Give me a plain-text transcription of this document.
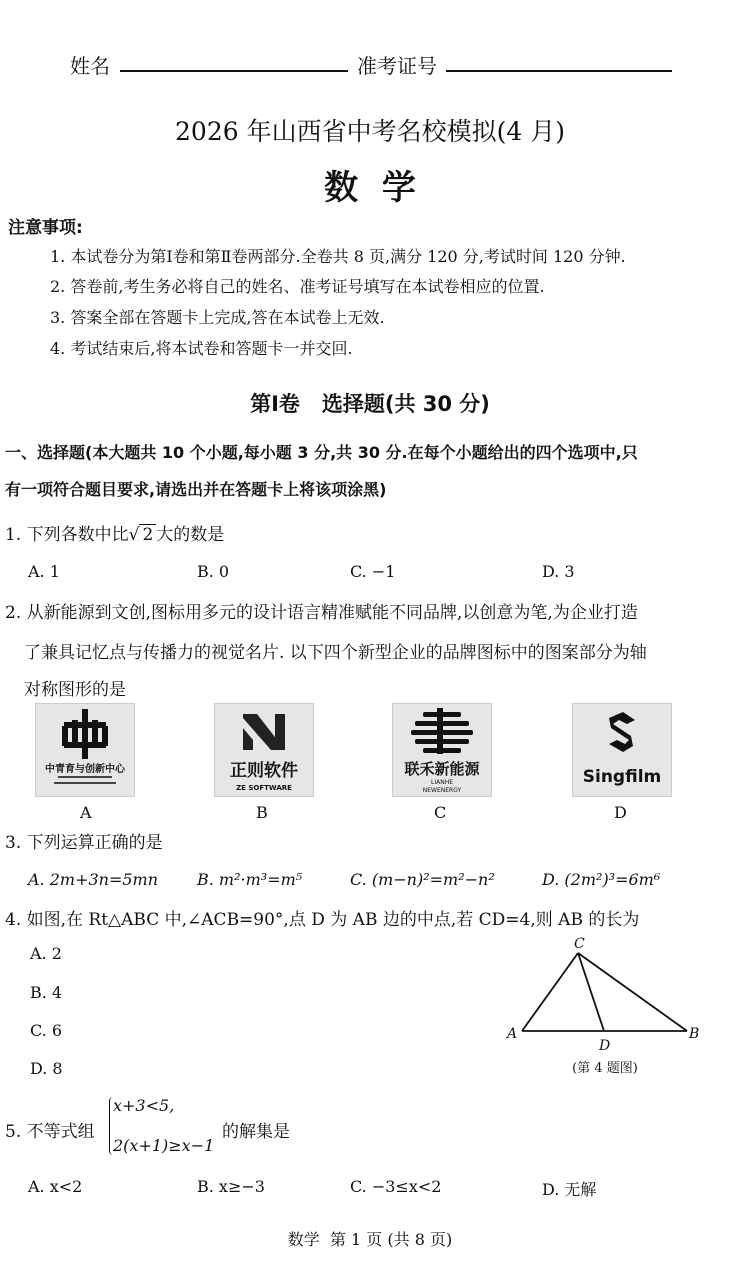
姓名	准考证号
2026 年山西省中考名校模拟(4 月)
数  学
注意事项:
1. 本试卷分为第Ⅰ卷和第Ⅱ卷两部分.全卷共 8 页,满分 120 分,考试时间 120 分钟.
2. 答卷前,考生务必将自己的姓名、准考证号填写在本试卷相应的位置.
3. 答案全部在答题卡上完成,答在本试卷上无效.
4. 考试结束后,将本试卷和答题卡一并交回.
第Ⅰ卷   选择题(共 30 分)
一、选择题(本大题共 10 个小题,每小题 3 分,共 30 分.在每个小题给出的四个选项中,只
有一项符合题目要求,请选出并在答题卡上将该项涂黑)
1. 下列各数中比√ 2 大的数是
A. 1	B. 0	C. −1	D. 3
2. 从新能源到文创,图标用多元的设计语言精准赋能不同品牌,以创意为笔,为企业打造
了兼具记忆点与传播力的视觉名片. 以下四个新型企业的品牌图标中的图案部分为轴
对称图形的是
中青育与创新中心
A
正则软件
ZE SOFTWARE
B
联禾新能源
LIANHE
NEWENERGY
C
Singfilm
D
3. 下列运算正确的是
A. 2m+3n=5mn B. m²·m³=m⁵	C. (m−n)²=m²−n²	D. (2m²)³=6m⁶
4. 如图,在 Rt△ABC 中,∠ACB=90°,点 D 为 AB 边的中点,若 CD=4,则 AB 的长为
A. 2
B. 4
C. 6
D. 8
A	B
C
D
(第 4 题图)
5. 不等式组
x+3<5,
2(x+1)≥x−1
的解集是
A. x<2	B. x≥−3	C. −3≤x<2	D. 无解
数学  第 1 页 (共 8 页)
